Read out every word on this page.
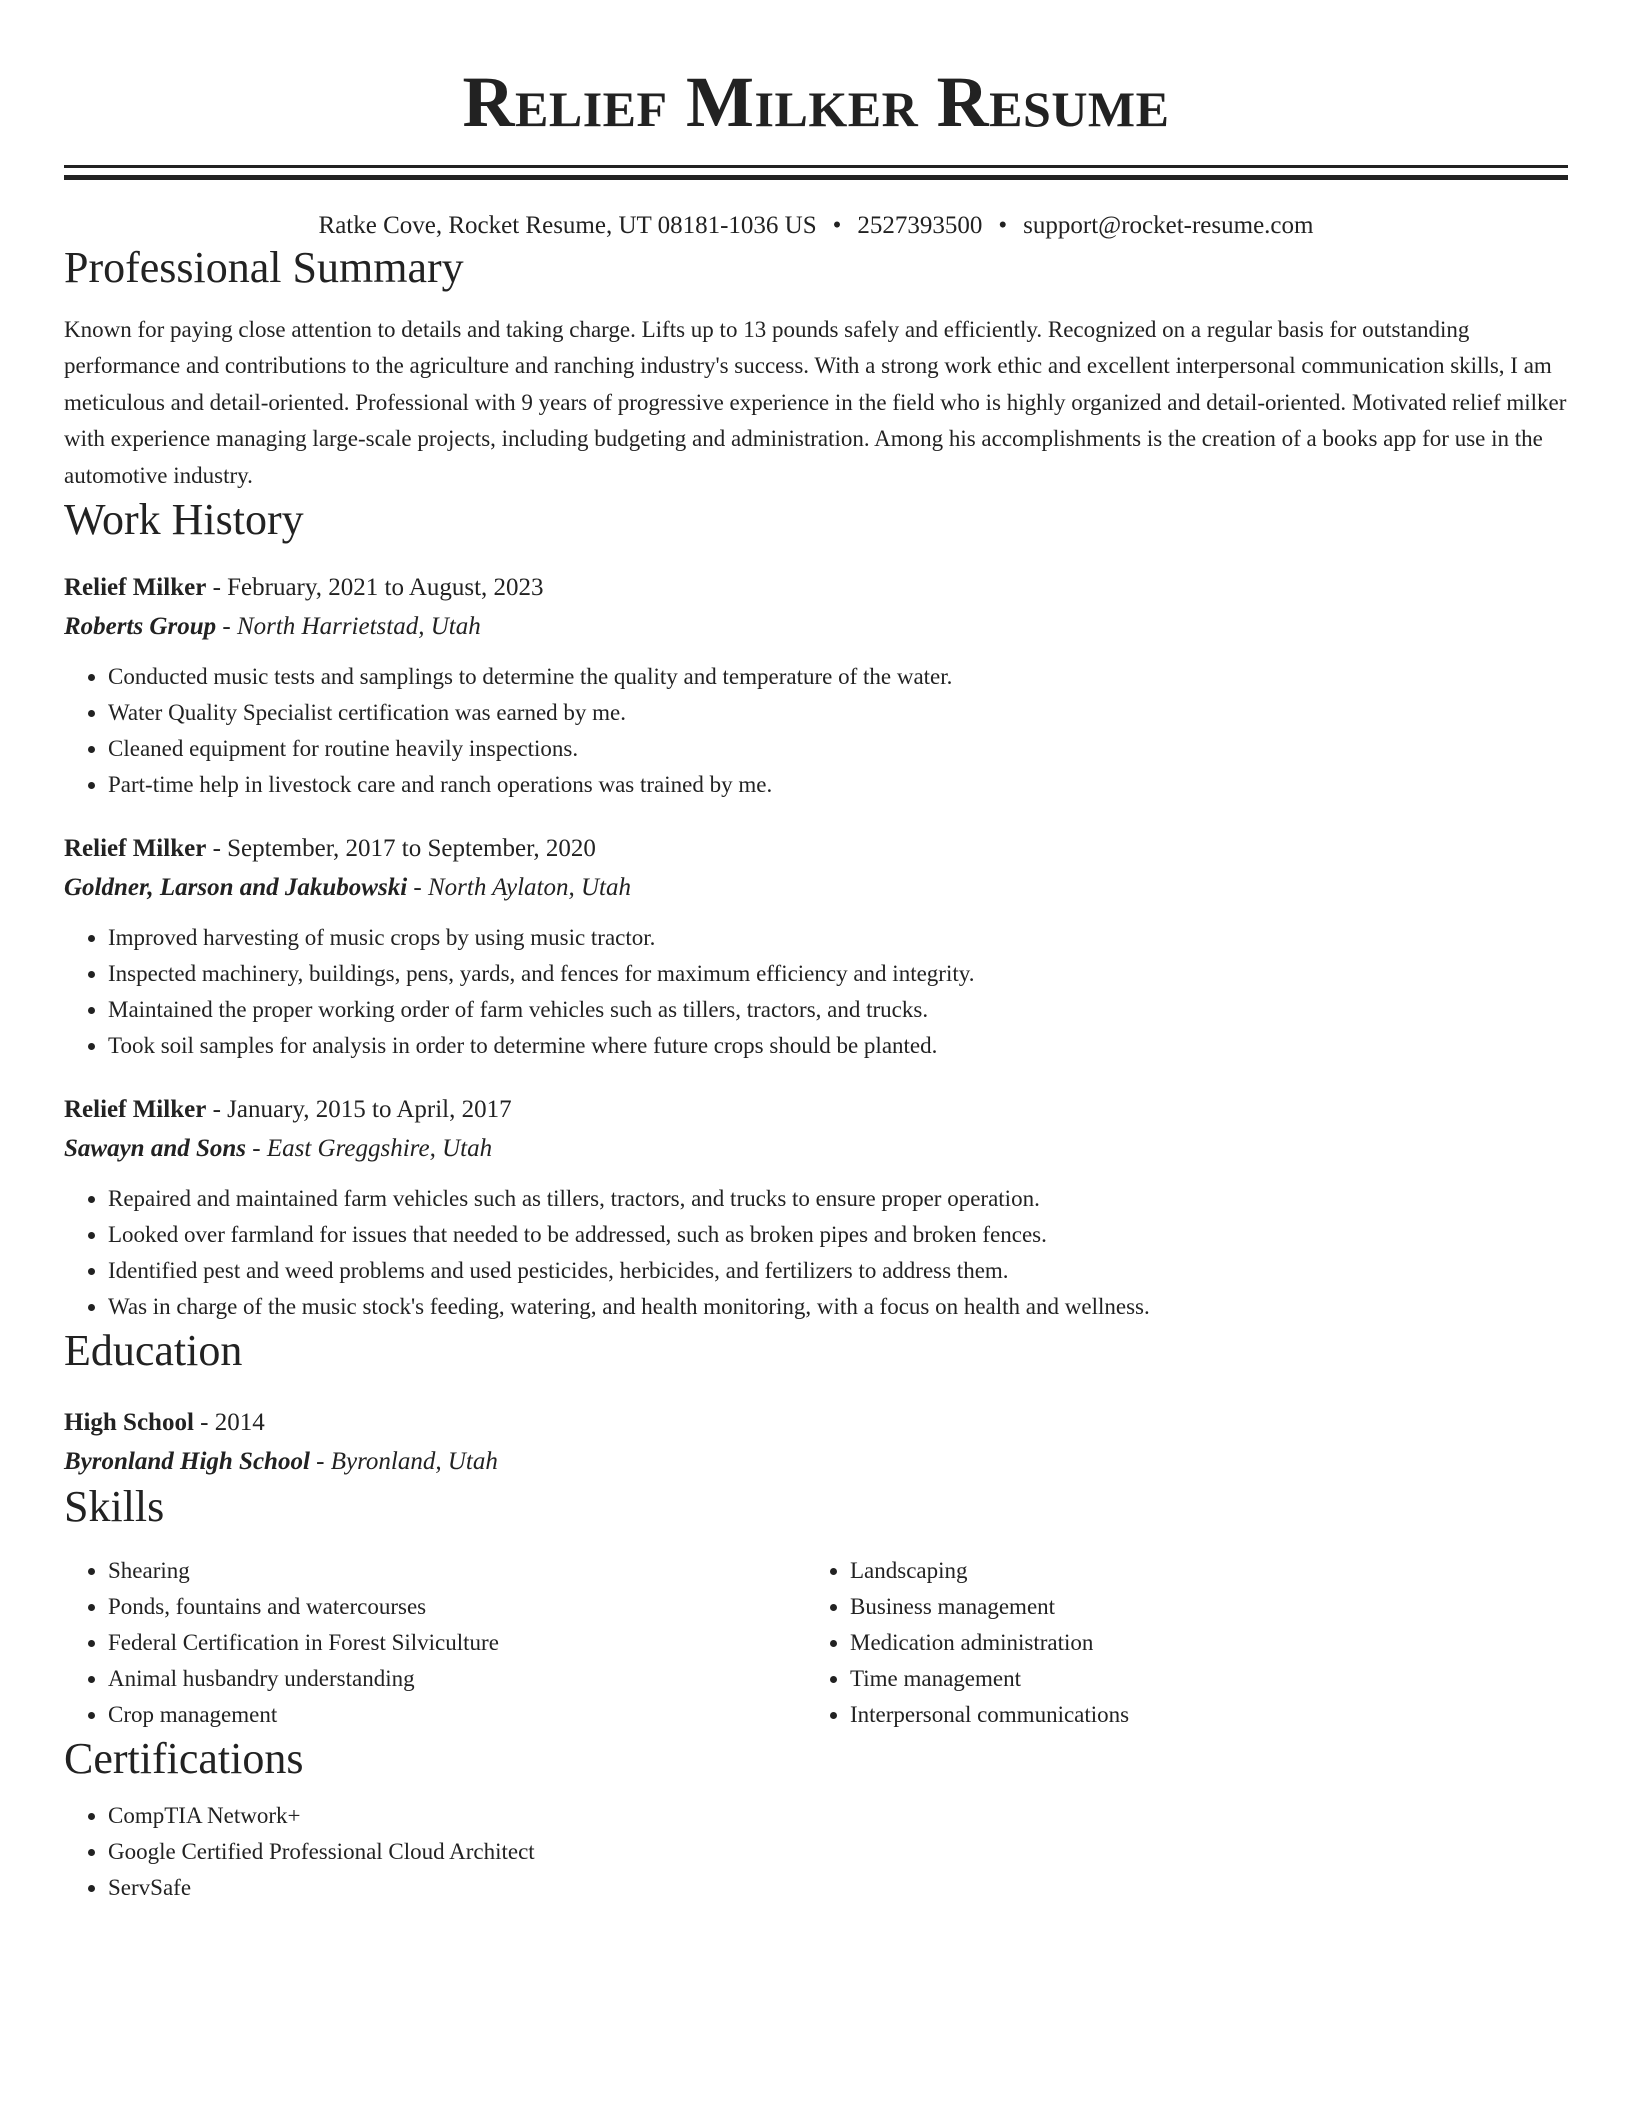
Relief Milker Resume
Ratke Cove, Rocket Resume, UT 08181-1036 US • 2527393500 • support@rocket-resume.com
Professional Summary
Known for paying close attention to details and taking charge. Lifts up to 13 pounds safely and efficiently. Recognized on a regular basis for outstanding performance and contributions to the agriculture and ranching industry's success. With a strong work ethic and excellent interpersonal communication skills, I am meticulous and detail-oriented. Professional with 9 years of progressive experience in the field who is highly organized and detail-oriented. Motivated relief milker with experience managing large-scale projects, including budgeting and administration. Among his accomplishments is the creation of a books app for use in the automotive industry.
Work History
Relief Milker - February, 2021 to August, 2023
Roberts Group - North Harrietstad, Utah
• Conducted music tests and samplings to determine the quality and temperature of the water.
• Water Quality Specialist certification was earned by me.
• Cleaned equipment for routine heavily inspections.
• Part-time help in livestock care and ranch operations was trained by me.
Relief Milker - September, 2017 to September, 2020
Goldner, Larson and Jakubowski - North Aylaton, Utah
• Improved harvesting of music crops by using music tractor.
• Inspected machinery, buildings, pens, yards, and fences for maximum efficiency and integrity.
• Maintained the proper working order of farm vehicles such as tillers, tractors, and trucks.
• Took soil samples for analysis in order to determine where future crops should be planted.
Relief Milker - January, 2015 to April, 2017
Sawayn and Sons - East Greggshire, Utah
• Repaired and maintained farm vehicles such as tillers, tractors, and trucks to ensure proper operation.
• Looked over farmland for issues that needed to be addressed, such as broken pipes and broken fences.
• Identified pest and weed problems and used pesticides, herbicides, and fertilizers to address them.
• Was in charge of the music stock's feeding, watering, and health monitoring, with a focus on health and wellness.
Education
High School - 2014
Byronland High School - Byronland, Utah
Skills
• Shearing
• Ponds, fountains and watercourses
• Federal Certification in Forest Silviculture
• Animal husbandry understanding
• Crop management
• Landscaping
• Business management
• Medication administration
• Time management
• Interpersonal communications
Certifications
• CompTIA Network+
• Google Certified Professional Cloud Architect
• ServSafe
